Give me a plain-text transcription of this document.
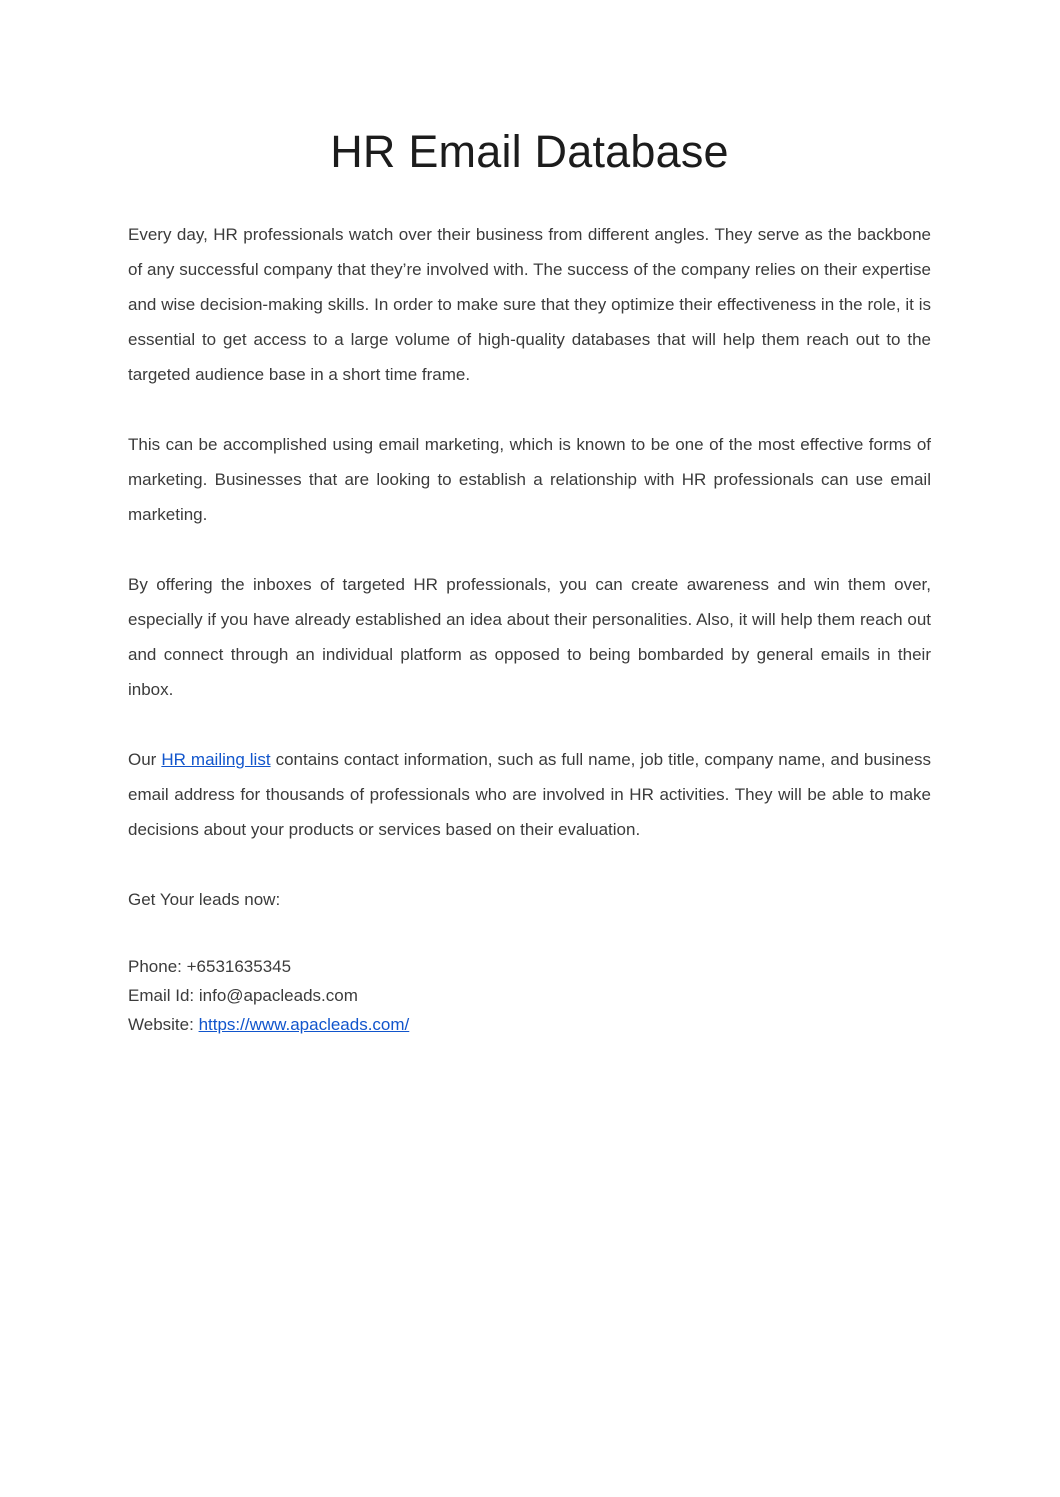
HR Email Database

Every day, HR professionals watch over their business from different angles. They serve as the backbone of any successful company that they’re involved with. The success of the company relies on their expertise and wise decision-making skills. In order to make sure that they optimize their effectiveness in the role, it is essential to get access to a large volume of high-quality databases that will help them reach out to the targeted audience base in a short time frame.

This can be accomplished using email marketing, which is known to be one of the most effective forms of marketing. Businesses that are looking to establish a relationship with HR professionals can use email marketing.

By offering the inboxes of targeted HR professionals, you can create awareness and win them over, especially if you have already established an idea about their personalities. Also, it will help them reach out and connect through an individual platform as opposed to being bombarded by general emails in their inbox.

Our HR mailing list contains contact information, such as full name, job title, company name, and business email address for thousands of professionals who are involved in HR activities. They will be able to make decisions about your products or services based on their evaluation.

Get Your leads now:

Phone: +6531635345
Email Id: info@apacleads.com
Website: https://www.apacleads.com/
